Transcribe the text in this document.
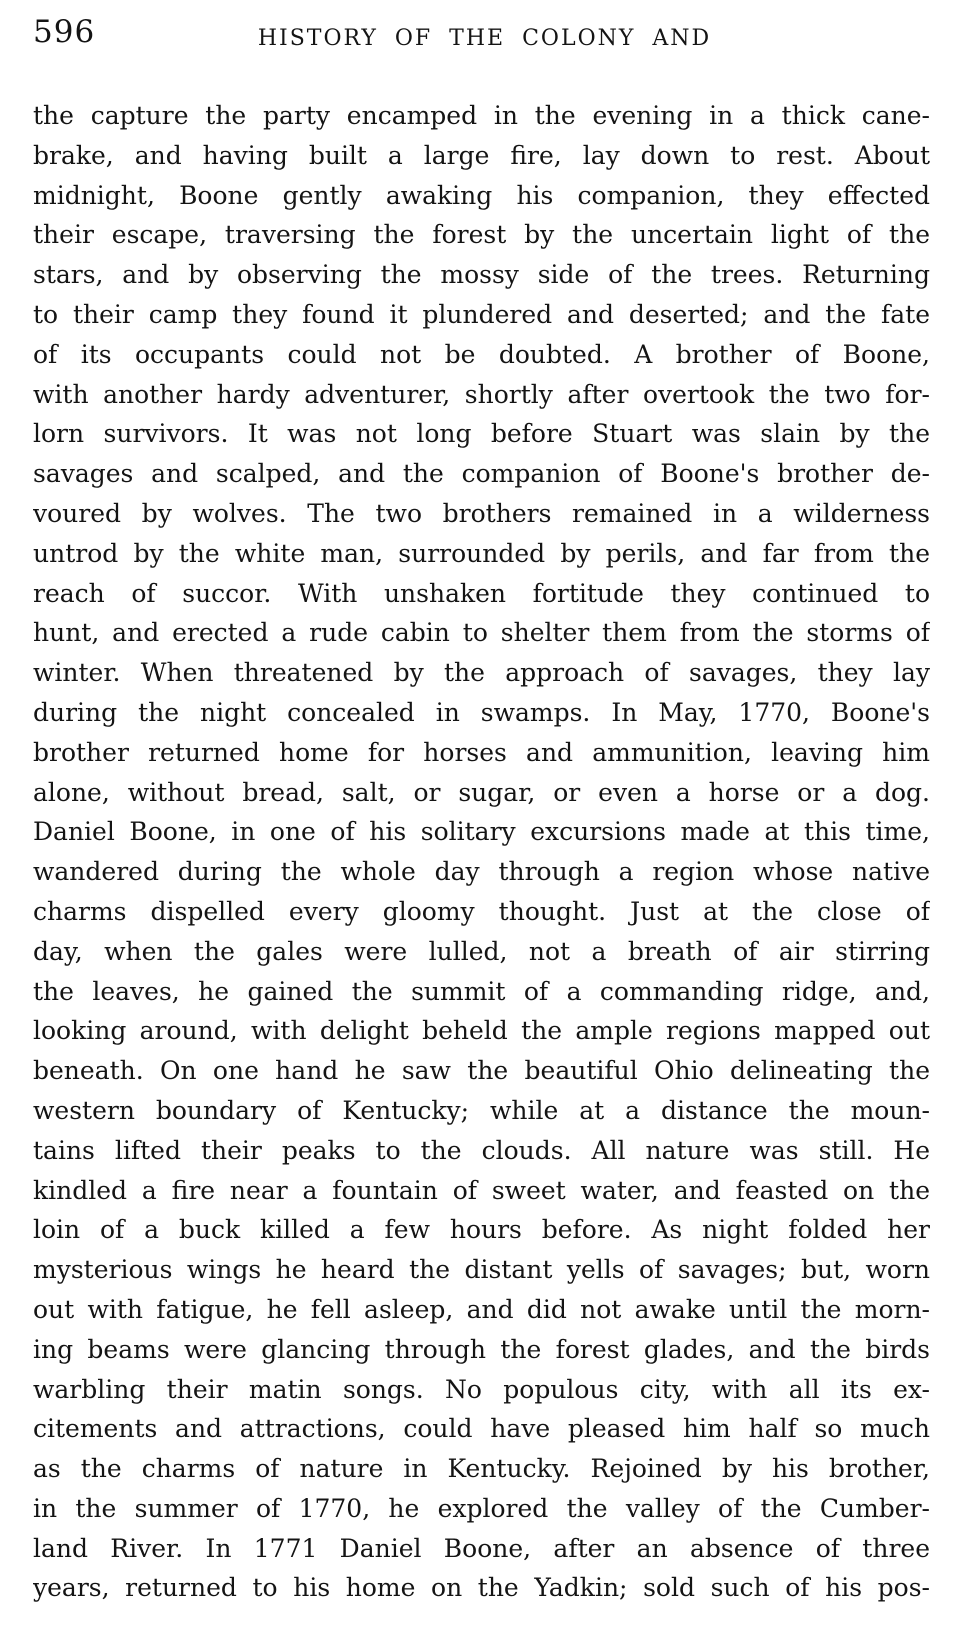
596	HISTORY OF THE COLONY AND
the capture the party encamped in the evening in a thick cane-
brake, and having built a large fire, lay down to rest. About
midnight, Boone gently awaking his companion, they effected
their escape, traversing the forest by the uncertain light of the
stars, and by observing the mossy side of the trees. Returning
to their camp they found it plundered and deserted; and the fate
of its occupants could not be doubted. A brother of Boone,
with another hardy adventurer, shortly after overtook the two for-
lorn survivors. It was not long before Stuart was slain by the
savages and scalped, and the companion of Boone's brother de-
voured by wolves. The two brothers remained in a wilderness
untrod by the white man, surrounded by perils, and far from the
reach of succor. With unshaken fortitude they continued to
hunt, and erected a rude cabin to shelter them from the storms of
winter. When threatened by the approach of savages, they lay
during the night concealed in swamps. In May, 1770, Boone's
brother returned home for horses and ammunition, leaving him
alone, without bread, salt, or sugar, or even a horse or a dog.
Daniel Boone, in one of his solitary excursions made at this time,
wandered during the whole day through a region whose native
charms dispelled every gloomy thought. Just at the close of
day, when the gales were lulled, not a breath of air stirring
the leaves, he gained the summit of a commanding ridge, and,
looking around, with delight beheld the ample regions mapped out
beneath. On one hand he saw the beautiful Ohio delineating the
western boundary of Kentucky; while at a distance the moun-
tains lifted their peaks to the clouds. All nature was still. He
kindled a fire near a fountain of sweet water, and feasted on the
loin of a buck killed a few hours before. As night folded her
mysterious wings he heard the distant yells of savages; but, worn
out with fatigue, he fell asleep, and did not awake until the morn-
ing beams were glancing through the forest glades, and the birds
warbling their matin songs. No populous city, with all its ex-
citements and attractions, could have pleased him half so much
as the charms of nature in Kentucky. Rejoined by his brother,
in the summer of 1770, he explored the valley of the Cumber-
land River. In 1771 Daniel Boone, after an absence of three
years, returned to his home on the Yadkin; sold such of his pos-
